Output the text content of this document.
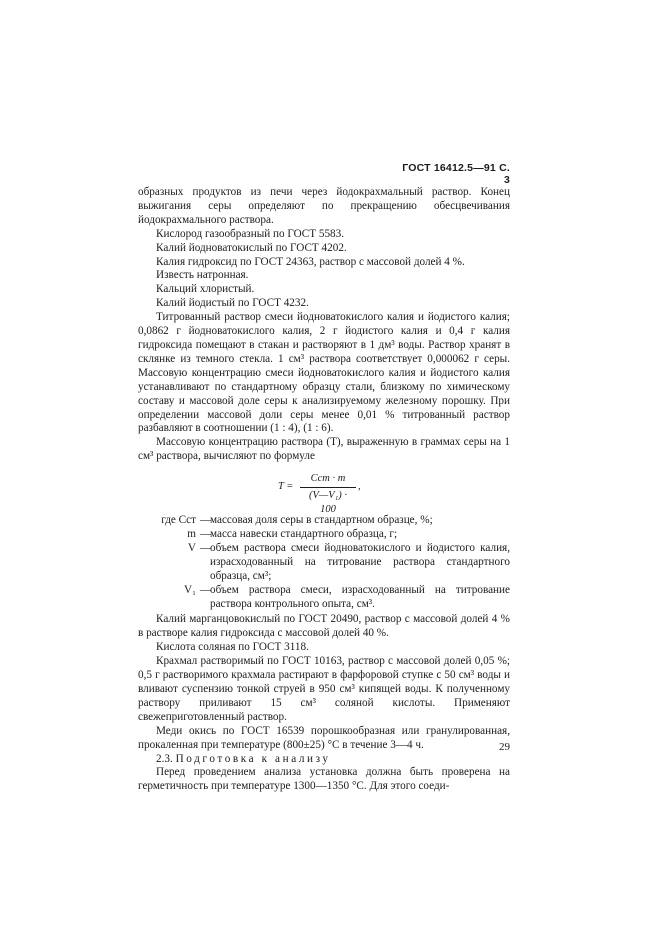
ГОСТ 16412.5—91 С. 3

образных продуктов из печи через йодокрахмальный раствор. Конец выжигания серы определяют по прекращению обесцвечивания йодокрахмального раствора.

Кислород газообразный по ГОСТ 5583.

Калий йодноватокислый по ГОСТ 4202.

Калия гидроксид по ГОСТ 24363, раствор с массовой долей 4 %.

Известь натронная.

Кальций хлористый.

Калий йодистый по ГОСТ 4232.

Титрованный раствор смеси йодноватокислого калия и йодистого калия; 0,0862 г йодноватокислого калия, 2 г йодистого калия и 0,4 г калия гидроксида помещают в стакан и растворяют в 1 дм³ воды. Раствор хранят в склянке из темного стекла. 1 см³ раствора соответствует 0,000062 г серы. Массовую концентрацию смеси йодноватокислого калия и йодистого калия устанавливают по стандартному образцу стали, близкому по химическому составу и массовой доле серы к анализируемому железному порошку. При определении массовой доли серы менее 0,01 % титрованный раствор разбавляют в соотношении (1 : 4), (1 : 6).

Массовую концентрацию раствора (T), выраженную в граммах серы на 1 см³ раствора, вычисляют по формуле

T =
Cст · m
(V—V₁) · 100
,
где Cст —
массовая доля серы в стандартном образце, %;
m —
масса навески стандартного образца, г;
V —
объем раствора смеси йодноватокислого и йодистого калия, израсходованный на титрование раствора стандартного образца, см³;
V₁ —
объем раствора смеси, израсходованный на титрование раствора контрольного опыта, см³.

Калий марганцовокислый по ГОСТ 20490, раствор с массовой долей 4 % в растворе калия гидроксида с массовой долей 40 %.

Кислота соляная по ГОСТ 3118.

Крахмал растворимый по ГОСТ 10163, раствор с массовой долей 0,05 %; 0,5 г растворимого крахмала растирают в фарфоровой ступке с 50 см³ воды и вливают суспензию тонкой струей в 950 см³ кипящей воды. К полученному раствору приливают 15 см³ соляной кислоты. Применяют свежеприготовленный раствор.

Меди окись по ГОСТ 16539 порошкообразная или гранулированная, прокаленная при температуре (800±25) °С в течение 3—4 ч.

2.3. Подготовка к анализу

Перед проведением анализа установка должна быть проверена на герметичность при температуре 1300—1350 °С. Для этого соеди-

29
